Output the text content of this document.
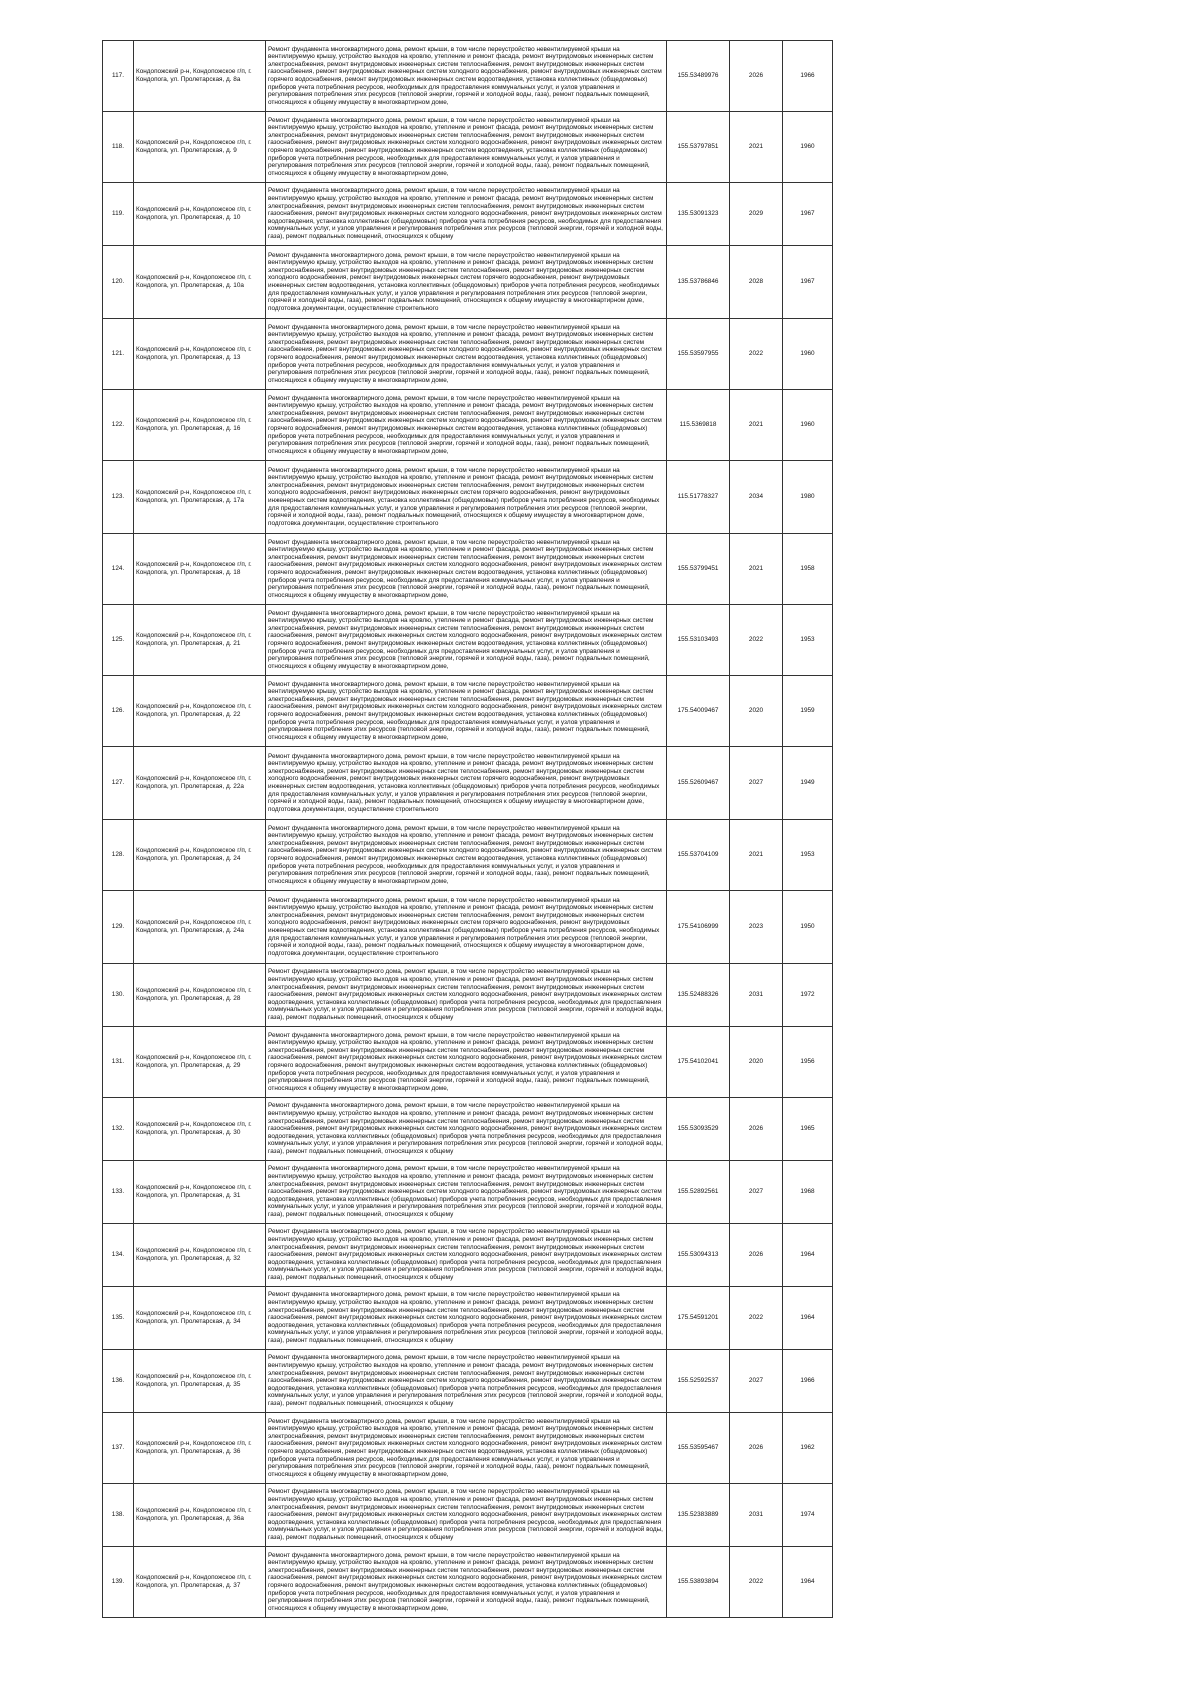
117.	Кондопожский р-н, Кондопожское г/п, г. Кондопога, ул. Пролетарская, д. 8а	Ремонт фундамента многоквартирного дома, ремонт крыши, в том числе переустройство невентилируемой крыши на вентилируемую крышу, устройство выходов на кровлю, утепление и ремонт фасада, ремонт внутридомовых инженерных систем электроснабжения, ремонт внутридомовых инженерных систем теплоснабжения, ремонт внутридомовых инженерных систем газоснабжения, ремонт внутридомовых инженерных систем холодного водоснабжения, ремонт внутридомовых инженерных систем горячего водоснабжения, ремонт внутридомовых инженерных систем водоотведения, установка коллективных (общедомовых) приборов учета потребления ресурсов, необходимых для предоставления коммунальных услуг, и узлов управления и регулирования потребления этих ресурсов (тепловой энергии, горячей и холодной воды, газа), ремонт подвальных помещений, относящихся к общему имуществу в многоквартирном доме,	155.53489976	2026	1966
118.	Кондопожский р-н, Кондопожское г/п, г. Кондопога, ул. Пролетарская, д. 9	Ремонт фундамента многоквартирного дома, ремонт крыши, в том числе переустройство невентилируемой крыши на вентилируемую крышу, устройство выходов на кровлю, утепление и ремонт фасада, ремонт внутридомовых инженерных систем электроснабжения, ремонт внутридомовых инженерных систем теплоснабжения, ремонт внутридомовых инженерных систем газоснабжения, ремонт внутридомовых инженерных систем холодного водоснабжения, ремонт внутридомовых инженерных систем горячего водоснабжения, ремонт внутридомовых инженерных систем водоотведения, установка коллективных (общедомовых) приборов учета потребления ресурсов, необходимых для предоставления коммунальных услуг, и узлов управления и регулирования потребления этих ресурсов (тепловой энергии, горячей и холодной воды, газа), ремонт подвальных помещений, относящихся к общему имуществу в многоквартирном доме,	155.53797851	2021	1960
119.	Кондопожский р-н, Кондопожское г/п, г. Кондопога, ул. Пролетарская, д. 10	Ремонт фундамента многоквартирного дома, ремонт крыши, в том числе переустройство невентилируемой крыши на вентилируемую крышу, устройство выходов на кровлю, утепление и ремонт фасада, ремонт внутридомовых инженерных систем электроснабжения, ремонт внутридомовых инженерных систем теплоснабжения, ремонт внутридомовых инженерных систем газоснабжения, ремонт внутридомовых инженерных систем холодного водоснабжения, ремонт внутридомовых инженерных систем водоотведения, установка коллективных (общедомовых) приборов учета потребления ресурсов, необходимых для предоставления коммунальных услуг, и узлов управления и регулирования потребления этих ресурсов (тепловой энергии, горячей и холодной воды, газа), ремонт подвальных помещений, относящихся к общему	135.53091323	2029	1967
120.	Кондопожский р-н, Кондопожское г/п, г. Кондопога, ул. Пролетарская, д. 10а	Ремонт фундамента многоквартирного дома, ремонт крыши, в том числе переустройство невентилируемой крыши на вентилируемую крышу, устройство выходов на кровлю, утепление и ремонт фасада, ремонт внутридомовых инженерных систем электроснабжения, ремонт внутридомовых инженерных систем теплоснабжения, ремонт внутридомовых инженерных систем холодного водоснабжения, ремонт внутридомовых инженерных систем горячего водоснабжения, ремонт внутридомовых инженерных систем водоотведения, установка коллективных (общедомовых) приборов учета потребления ресурсов, необходимых для предоставления коммунальных услуг, и узлов управления и регулирования потребления этих ресурсов (тепловой энергии, горячей и холодной воды, газа), ремонт подвальных помещений, относящихся к общему имуществу в многоквартирном доме, подготовка документации, осуществление строительного	135.53786846	2028	1967
121.	Кондопожский р-н, Кондопожское г/п, г. Кондопога, ул. Пролетарская, д. 13	Ремонт фундамента многоквартирного дома, ремонт крыши, в том числе переустройство невентилируемой крыши на вентилируемую крышу, устройство выходов на кровлю, утепление и ремонт фасада, ремонт внутридомовых инженерных систем электроснабжения, ремонт внутридомовых инженерных систем теплоснабжения, ремонт внутридомовых инженерных систем газоснабжения, ремонт внутридомовых инженерных систем холодного водоснабжения, ремонт внутридомовых инженерных систем горячего водоснабжения, ремонт внутридомовых инженерных систем водоотведения, установка коллективных (общедомовых) приборов учета потребления ресурсов, необходимых для предоставления коммунальных услуг, и узлов управления и регулирования потребления этих ресурсов (тепловой энергии, горячей и холодной воды, газа), ремонт подвальных помещений, относящихся к общему имуществу в многоквартирном доме,	155.53597955	2022	1960
122.	Кондопожский р-н, Кондопожское г/п, г. Кондопога, ул. Пролетарская, д. 16	Ремонт фундамента многоквартирного дома, ремонт крыши, в том числе переустройство невентилируемой крыши на вентилируемую крышу, устройство выходов на кровлю, утепление и ремонт фасада, ремонт внутридомовых инженерных систем электроснабжения, ремонт внутридомовых инженерных систем теплоснабжения, ремонт внутридомовых инженерных систем газоснабжения, ремонт внутридомовых инженерных систем холодного водоснабжения, ремонт внутридомовых инженерных систем горячего водоснабжения, ремонт внутридомовых инженерных систем водоотведения, установка коллективных (общедомовых) приборов учета потребления ресурсов, необходимых для предоставления коммунальных услуг, и узлов управления и регулирования потребления этих ресурсов (тепловой энергии, горячей и холодной воды, газа), ремонт подвальных помещений, относящихся к общему имуществу в многоквартирном доме,	115.5369818	2021	1960
123.	Кондопожский р-н, Кондопожское г/п, г. Кондопога, ул. Пролетарская, д. 17а	Ремонт фундамента многоквартирного дома, ремонт крыши, в том числе переустройство невентилируемой крыши на вентилируемую крышу, устройство выходов на кровлю, утепление и ремонт фасада, ремонт внутридомовых инженерных систем электроснабжения, ремонт внутридомовых инженерных систем теплоснабжения, ремонт внутридомовых инженерных систем холодного водоснабжения, ремонт внутридомовых инженерных систем горячего водоснабжения, ремонт внутридомовых инженерных систем водоотведения, установка коллективных (общедомовых) приборов учета потребления ресурсов, необходимых для предоставления коммунальных услуг, и узлов управления и регулирования потребления этих ресурсов (тепловой энергии, горячей и холодной воды, газа), ремонт подвальных помещений, относящихся к общему имуществу в многоквартирном доме, подготовка документации, осуществление строительного	115.51778327	2034	1980
124.	Кондопожский р-н, Кондопожское г/п, г. Кондопога, ул. Пролетарская, д. 18	Ремонт фундамента многоквартирного дома, ремонт крыши, в том числе переустройство невентилируемой крыши на вентилируемую крышу, устройство выходов на кровлю, утепление и ремонт фасада, ремонт внутридомовых инженерных систем электроснабжения, ремонт внутридомовых инженерных систем теплоснабжения, ремонт внутридомовых инженерных систем газоснабжения, ремонт внутридомовых инженерных систем холодного водоснабжения, ремонт внутридомовых инженерных систем горячего водоснабжения, ремонт внутридомовых инженерных систем водоотведения, установка коллективных (общедомовых) приборов учета потребления ресурсов, необходимых для предоставления коммунальных услуг, и узлов управления и регулирования потребления этих ресурсов (тепловой энергии, горячей и холодной воды, газа), ремонт подвальных помещений, относящихся к общему имуществу в многоквартирном доме,	155.53799451	2021	1958
125.	Кондопожский р-н, Кондопожское г/п, г. Кондопога, ул. Пролетарская, д. 21	Ремонт фундамента многоквартирного дома, ремонт крыши, в том числе переустройство невентилируемой крыши на вентилируемую крышу, устройство выходов на кровлю, утепление и ремонт фасада, ремонт внутридомовых инженерных систем электроснабжения, ремонт внутридомовых инженерных систем теплоснабжения, ремонт внутридомовых инженерных систем газоснабжения, ремонт внутридомовых инженерных систем холодного водоснабжения, ремонт внутридомовых инженерных систем горячего водоснабжения, ремонт внутридомовых инженерных систем водоотведения, установка коллективных (общедомовых) приборов учета потребления ресурсов, необходимых для предоставления коммунальных услуг, и узлов управления и регулирования потребления этих ресурсов (тепловой энергии, горячей и холодной воды, газа), ремонт подвальных помещений, относящихся к общему имуществу в многоквартирном доме,	155.53103493	2022	1953
126.	Кондопожский р-н, Кондопожское г/п, г. Кондопога, ул. Пролетарская, д. 22	Ремонт фундамента многоквартирного дома, ремонт крыши, в том числе переустройство невентилируемой крыши на вентилируемую крышу, устройство выходов на кровлю, утепление и ремонт фасада, ремонт внутридомовых инженерных систем электроснабжения, ремонт внутридомовых инженерных систем теплоснабжения, ремонт внутридомовых инженерных систем газоснабжения, ремонт внутридомовых инженерных систем холодного водоснабжения, ремонт внутридомовых инженерных систем горячего водоснабжения, ремонт внутридомовых инженерных систем водоотведения, установка коллективных (общедомовых) приборов учета потребления ресурсов, необходимых для предоставления коммунальных услуг, и узлов управления и регулирования потребления этих ресурсов (тепловой энергии, горячей и холодной воды, газа), ремонт подвальных помещений, относящихся к общему имуществу в многоквартирном доме,	175.54009467	2020	1959
127.	Кондопожский р-н, Кондопожское г/п, г. Кондопога, ул. Пролетарская, д. 22а	Ремонт фундамента многоквартирного дома, ремонт крыши, в том числе переустройство невентилируемой крыши на вентилируемую крышу, устройство выходов на кровлю, утепление и ремонт фасада, ремонт внутридомовых инженерных систем электроснабжения, ремонт внутридомовых инженерных систем теплоснабжения, ремонт внутридомовых инженерных систем холодного водоснабжения, ремонт внутридомовых инженерных систем горячего водоснабжения, ремонт внутридомовых инженерных систем водоотведения, установка коллективных (общедомовых) приборов учета потребления ресурсов, необходимых для предоставления коммунальных услуг, и узлов управления и регулирования потребления этих ресурсов (тепловой энергии, горячей и холодной воды, газа), ремонт подвальных помещений, относящихся к общему имуществу в многоквартирном доме, подготовка документации, осуществление строительного	155.52609467	2027	1949
128.	Кондопожский р-н, Кондопожское г/п, г. Кондопога, ул. Пролетарская, д. 24	Ремонт фундамента многоквартирного дома, ремонт крыши, в том числе переустройство невентилируемой крыши на вентилируемую крышу, устройство выходов на кровлю, утепление и ремонт фасада, ремонт внутридомовых инженерных систем электроснабжения, ремонт внутридомовых инженерных систем теплоснабжения, ремонт внутридомовых инженерных систем газоснабжения, ремонт внутридомовых инженерных систем холодного водоснабжения, ремонт внутридомовых инженерных систем горячего водоснабжения, ремонт внутридомовых инженерных систем водоотведения, установка коллективных (общедомовых) приборов учета потребления ресурсов, необходимых для предоставления коммунальных услуг, и узлов управления и регулирования потребления этих ресурсов (тепловой энергии, горячей и холодной воды, газа), ремонт подвальных помещений, относящихся к общему имуществу в многоквартирном доме,	155.53704109	2021	1953
129.	Кондопожский р-н, Кондопожское г/п, г. Кондопога, ул. Пролетарская, д. 24а	Ремонт фундамента многоквартирного дома, ремонт крыши, в том числе переустройство невентилируемой крыши на вентилируемую крышу, устройство выходов на кровлю, утепление и ремонт фасада, ремонт внутридомовых инженерных систем электроснабжения, ремонт внутридомовых инженерных систем теплоснабжения, ремонт внутридомовых инженерных систем холодного водоснабжения, ремонт внутридомовых инженерных систем горячего водоснабжения, ремонт внутридомовых инженерных систем водоотведения, установка коллективных (общедомовых) приборов учета потребления ресурсов, необходимых для предоставления коммунальных услуг, и узлов управления и регулирования потребления этих ресурсов (тепловой энергии, горячей и холодной воды, газа), ремонт подвальных помещений, относящихся к общему имуществу в многоквартирном доме, подготовка документации, осуществление строительного	175.54106999	2023	1950
130.	Кондопожский р-н, Кондопожское г/п, г. Кондопога, ул. Пролетарская, д. 28	Ремонт фундамента многоквартирного дома, ремонт крыши, в том числе переустройство невентилируемой крыши на вентилируемую крышу, устройство выходов на кровлю, утепление и ремонт фасада, ремонт внутридомовых инженерных систем электроснабжения, ремонт внутридомовых инженерных систем теплоснабжения, ремонт внутридомовых инженерных систем газоснабжения, ремонт внутридомовых инженерных систем холодного водоснабжения, ремонт внутридомовых инженерных систем водоотведения, установка коллективных (общедомовых) приборов учета потребления ресурсов, необходимых для предоставления коммунальных услуг, и узлов управления и регулирования потребления этих ресурсов (тепловой энергии, горячей и холодной воды, газа), ремонт подвальных помещений, относящихся к общему	135.52488326	2031	1972
131.	Кондопожский р-н, Кондопожское г/п, г. Кондопога, ул. Пролетарская, д. 29	Ремонт фундамента многоквартирного дома, ремонт крыши, в том числе переустройство невентилируемой крыши на вентилируемую крышу, устройство выходов на кровлю, утепление и ремонт фасада, ремонт внутридомовых инженерных систем электроснабжения, ремонт внутридомовых инженерных систем теплоснабжения, ремонт внутридомовых инженерных систем газоснабжения, ремонт внутридомовых инженерных систем холодного водоснабжения, ремонт внутридомовых инженерных систем горячего водоснабжения, ремонт внутридомовых инженерных систем водоотведения, установка коллективных (общедомовых) приборов учета потребления ресурсов, необходимых для предоставления коммунальных услуг, и узлов управления и регулирования потребления этих ресурсов (тепловой энергии, горячей и холодной воды, газа), ремонт подвальных помещений, относящихся к общему имуществу в многоквартирном доме,	175.54102041	2020	1956
132.	Кондопожский р-н, Кондопожское г/п, г. Кондопога, ул. Пролетарская, д. 30	Ремонт фундамента многоквартирного дома, ремонт крыши, в том числе переустройство невентилируемой крыши на вентилируемую крышу, устройство выходов на кровлю, утепление и ремонт фасада, ремонт внутридомовых инженерных систем электроснабжения, ремонт внутридомовых инженерных систем теплоснабжения, ремонт внутридомовых инженерных систем газоснабжения, ремонт внутридомовых инженерных систем холодного водоснабжения, ремонт внутридомовых инженерных систем водоотведения, установка коллективных (общедомовых) приборов учета потребления ресурсов, необходимых для предоставления коммунальных услуг, и узлов управления и регулирования потребления этих ресурсов (тепловой энергии, горячей и холодной воды, газа), ремонт подвальных помещений, относящихся к общему	155.53093529	2026	1965
133.	Кондопожский р-н, Кондопожское г/п, г. Кондопога, ул. Пролетарская, д. 31	Ремонт фундамента многоквартирного дома, ремонт крыши, в том числе переустройство невентилируемой крыши на вентилируемую крышу, устройство выходов на кровлю, утепление и ремонт фасада, ремонт внутридомовых инженерных систем электроснабжения, ремонт внутридомовых инженерных систем теплоснабжения, ремонт внутридомовых инженерных систем газоснабжения, ремонт внутридомовых инженерных систем холодного водоснабжения, ремонт внутридомовых инженерных систем водоотведения, установка коллективных (общедомовых) приборов учета потребления ресурсов, необходимых для предоставления коммунальных услуг, и узлов управления и регулирования потребления этих ресурсов (тепловой энергии, горячей и холодной воды, газа), ремонт подвальных помещений, относящихся к общему	155.52892561	2027	1968
134.	Кондопожский р-н, Кондопожское г/п, г. Кондопога, ул. Пролетарская, д. 32	Ремонт фундамента многоквартирного дома, ремонт крыши, в том числе переустройство невентилируемой крыши на вентилируемую крышу, устройство выходов на кровлю, утепление и ремонт фасада, ремонт внутридомовых инженерных систем электроснабжения, ремонт внутридомовых инженерных систем теплоснабжения, ремонт внутридомовых инженерных систем газоснабжения, ремонт внутридомовых инженерных систем холодного водоснабжения, ремонт внутридомовых инженерных систем водоотведения, установка коллективных (общедомовых) приборов учета потребления ресурсов, необходимых для предоставления коммунальных услуг, и узлов управления и регулирования потребления этих ресурсов (тепловой энергии, горячей и холодной воды, газа), ремонт подвальных помещений, относящихся к общему	155.53094313	2026	1964
135.	Кондопожский р-н, Кондопожское г/п, г. Кондопога, ул. Пролетарская, д. 34	Ремонт фундамента многоквартирного дома, ремонт крыши, в том числе переустройство невентилируемой крыши на вентилируемую крышу, устройство выходов на кровлю, утепление и ремонт фасада, ремонт внутридомовых инженерных систем электроснабжения, ремонт внутридомовых инженерных систем теплоснабжения, ремонт внутридомовых инженерных систем газоснабжения, ремонт внутридомовых инженерных систем холодного водоснабжения, ремонт внутридомовых инженерных систем водоотведения, установка коллективных (общедомовых) приборов учета потребления ресурсов, необходимых для предоставления коммунальных услуг, и узлов управления и регулирования потребления этих ресурсов (тепловой энергии, горячей и холодной воды, газа), ремонт подвальных помещений, относящихся к общему	175.54591201	2022	1964
136.	Кондопожский р-н, Кондопожское г/п, г. Кондопога, ул. Пролетарская, д. 35	Ремонт фундамента многоквартирного дома, ремонт крыши, в том числе переустройство невентилируемой крыши на вентилируемую крышу, устройство выходов на кровлю, утепление и ремонт фасада, ремонт внутридомовых инженерных систем электроснабжения, ремонт внутридомовых инженерных систем теплоснабжения, ремонт внутридомовых инженерных систем газоснабжения, ремонт внутридомовых инженерных систем холодного водоснабжения, ремонт внутридомовых инженерных систем водоотведения, установка коллективных (общедомовых) приборов учета потребления ресурсов, необходимых для предоставления коммунальных услуг, и узлов управления и регулирования потребления этих ресурсов (тепловой энергии, горячей и холодной воды, газа), ремонт подвальных помещений, относящихся к общему	155.52592537	2027	1966
137.	Кондопожский р-н, Кондопожское г/п, г. Кондопога, ул. Пролетарская, д. 36	Ремонт фундамента многоквартирного дома, ремонт крыши, в том числе переустройство невентилируемой крыши на вентилируемую крышу, устройство выходов на кровлю, утепление и ремонт фасада, ремонт внутридомовых инженерных систем электроснабжения, ремонт внутридомовых инженерных систем теплоснабжения, ремонт внутридомовых инженерных систем газоснабжения, ремонт внутридомовых инженерных систем холодного водоснабжения, ремонт внутридомовых инженерных систем горячего водоснабжения, ремонт внутридомовых инженерных систем водоотведения, установка коллективных (общедомовых) приборов учета потребления ресурсов, необходимых для предоставления коммунальных услуг, и узлов управления и регулирования потребления этих ресурсов (тепловой энергии, горячей и холодной воды, газа), ремонт подвальных помещений, относящихся к общему имуществу в многоквартирном доме,	155.53595467	2026	1962
138.	Кондопожский р-н, Кондопожское г/п, г. Кондопога, ул. Пролетарская, д. 36а	Ремонт фундамента многоквартирного дома, ремонт крыши, в том числе переустройство невентилируемой крыши на вентилируемую крышу, устройство выходов на кровлю, утепление и ремонт фасада, ремонт внутридомовых инженерных систем электроснабжения, ремонт внутридомовых инженерных систем теплоснабжения, ремонт внутридомовых инженерных систем газоснабжения, ремонт внутридомовых инженерных систем холодного водоснабжения, ремонт внутридомовых инженерных систем водоотведения, установка коллективных (общедомовых) приборов учета потребления ресурсов, необходимых для предоставления коммунальных услуг, и узлов управления и регулирования потребления этих ресурсов (тепловой энергии, горячей и холодной воды, газа), ремонт подвальных помещений, относящихся к общему	135.52383889	2031	1974
139.	Кондопожский р-н, Кондопожское г/п, г. Кондопога, ул. Пролетарская, д. 37	Ремонт фундамента многоквартирного дома, ремонт крыши, в том числе переустройство невентилируемой крыши на вентилируемую крышу, устройство выходов на кровлю, утепление и ремонт фасада, ремонт внутридомовых инженерных систем электроснабжения, ремонт внутридомовых инженерных систем теплоснабжения, ремонт внутридомовых инженерных систем газоснабжения, ремонт внутридомовых инженерных систем холодного водоснабжения, ремонт внутридомовых инженерных систем горячего водоснабжения, ремонт внутридомовых инженерных систем водоотведения, установка коллективных (общедомовых) приборов учета потребления ресурсов, необходимых для предоставления коммунальных услуг, и узлов управления и регулирования потребления этих ресурсов (тепловой энергии, горячей и холодной воды, газа), ремонт подвальных помещений, относящихся к общему имуществу в многоквартирном доме,	155.53893894	2022	1964
